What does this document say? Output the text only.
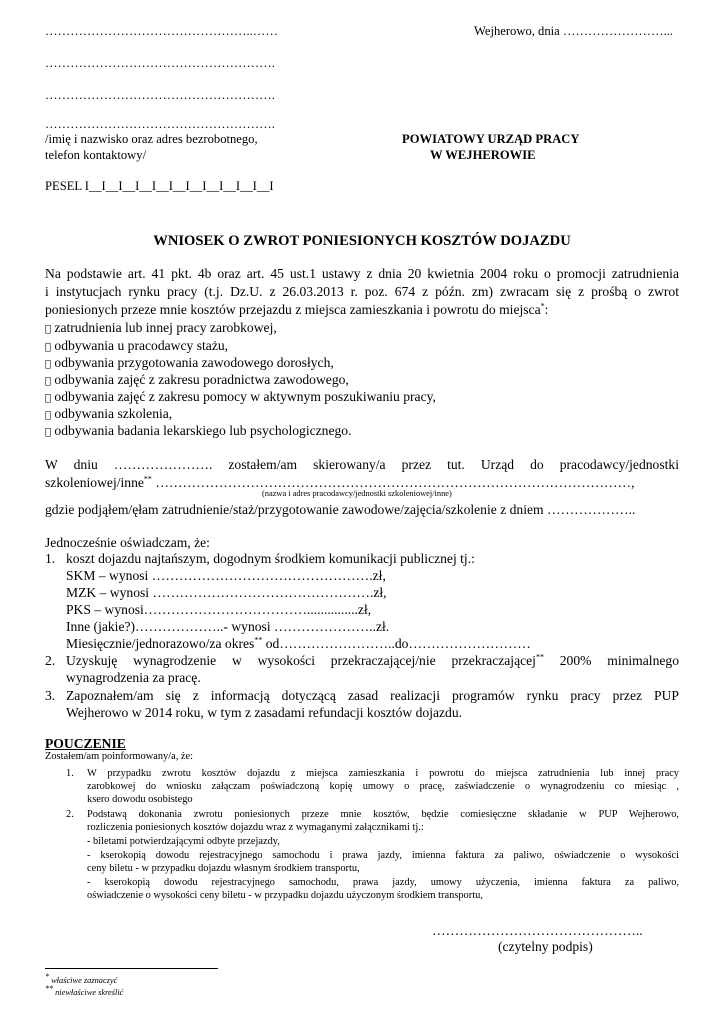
…………………………………………..……	Wejherowo, dnia ……………………...
……………………………………………….
……………………………………………….
……………………………………………….
/imię i nazwisko oraz adres bezrobotnego,
telefon kontaktowy/
POWIATOWY URZĄD PRACY
W WEJHEROWIE
PESEL I__I__I__I__I__I__I__I__I__I__I__I
WNIOSEK O ZWROT PONIESIONYCH KOSZTÓW DOJAZDU
Na podstawie art. 41 pkt. 4b oraz art. 45 ust.1 ustawy z dnia 20 kwietnia 2004 roku o promocji zatrudnienia
i instytucjach rynku pracy (t.j. Dz.U. z 26.03.2013 r. poz. 674 z późn. zm) zwracam się z prośbą o zwrot
poniesionych przeze mnie kosztów przejazdu z miejsca zamieszkania i powrotu do miejsca*:
zatrudnienia lub innej pracy zarobkowej,
odbywania u pracodawcy stażu,
odbywania przygotowania zawodowego dorosłych,
odbywania zajęć z zakresu poradnictwa zawodowego,
odbywania zajęć z zakresu pomocy w aktywnym poszukiwaniu pracy,
odbywania szkolenia,
odbywania badania lekarskiego lub psychologicznego.
W dniu …………………. zostałem/am skierowany/a przez tut. Urząd do pracodawcy/jednostki
szkoleniowej/inne** ……………………………………………………………………………………………,
(nazwa i adres pracodawcy/jednostki szkoleniowej/inne)
gdzie podjąłem/ęłam zatrudnienie/staż/przygotowanie zawodowe/zajęcia/szkolenie z dniem ………………..
Jednocześnie oświadczam, że:
1. koszt dojazdu najtańszym, dogodnym środkiem komunikacji publicznej tj.:
SKM – wynosi ………………………………………….zł,
MZK – wynosi ………………………………………….zł,
PKS – wynosi………………………………...............zł,
Inne (jakie?)………………..- wynosi …………………..zł.
Miesięcznie/jednorazowo/za okres** od……………………..do………………………
2. Uzyskuję wynagrodzenie w wysokości przekraczającej/nie przekraczającej** 200% minimalnego
wynagrodzenia za pracę.
3. Zapoznałem/am się z informacją dotyczącą zasad realizacji programów rynku pracy przez PUP
Wejherowo w 2014 roku, w tym z zasadami refundacji kosztów dojazdu.
POUCZENIE
Zostałem/am poinformowany/a, że:
1. W przypadku zwrotu kosztów dojazdu z miejsca zamieszkania i powrotu do miejsca zatrudnienia lub innej pracy
zarobkowej do wniosku załączam poświadczoną kopię umowy o pracę, zaświadczenie o wynagrodzeniu co miesiąc ,
ksero dowodu osobistego
2. Podstawą dokonania zwrotu poniesionych przeze mnie kosztów, będzie comiesięczne składanie w PUP Wejherowo,
rozliczenia poniesionych kosztów dojazdu wraz z wymaganymi załącznikami tj.:
- biletami potwierdzającymi odbyte przejazdy,
- kserokopią dowodu rejestracyjnego samochodu i prawa jazdy, imienna faktura za paliwo, oświadczenie o wysokości
ceny biletu - w przypadku dojazdu własnym środkiem transportu,
- kserokopią dowodu rejestracyjnego samochodu, prawa jazdy, umowy użyczenia, imienna faktura za paliwo,
oświadczenie o wysokości ceny biletu - w przypadku dojazdu użyczonym środkiem transportu,
………………………………………..
(czytelny podpis)
* właściwe zaznaczyć
** niewłaściwe skreślić
